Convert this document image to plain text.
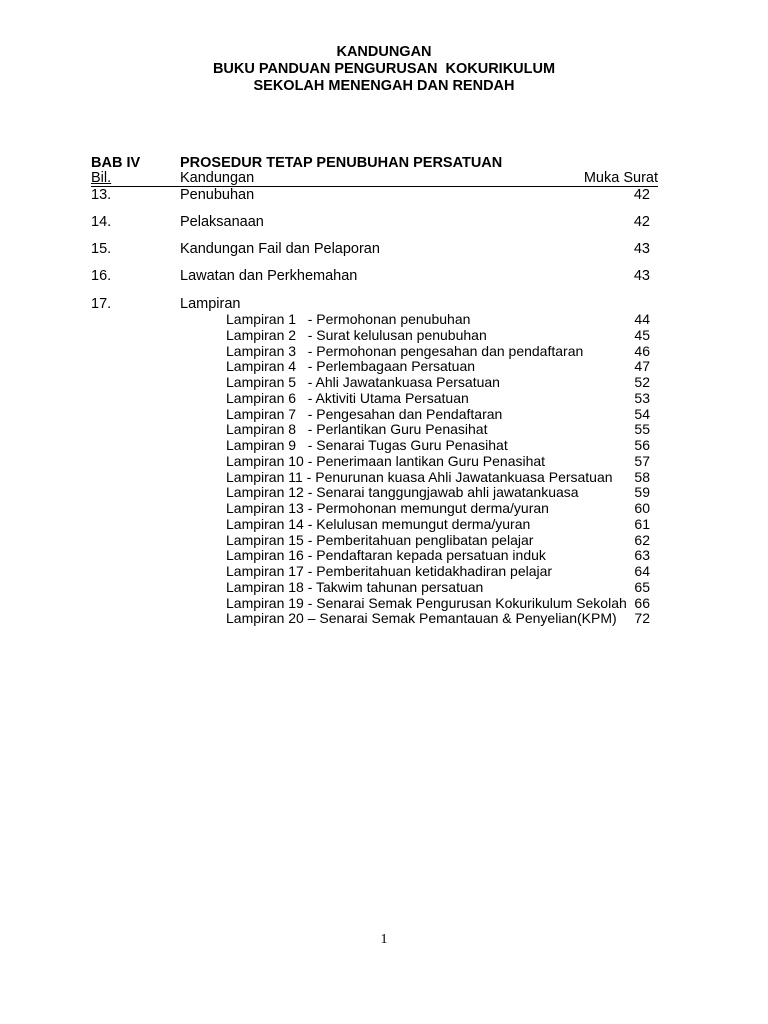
KANDUNGAN
BUKU PANDUAN PENGURUSAN  KOKURIKULUM
SEKOLAH MENENGAH DAN RENDAH
BAB IV	PROSEDUR TETAP PENUBUHAN PERSATUAN
Bil.	Kandungan	Muka Surat
13.	Penubuhan	42
14.	Pelaksanaan	42
15.	Kandungan Fail dan Pelaporan	43
16.	Lawatan dan Perkhemahan	43
17.	Lampiran
Lampiran 1   - Permohonan penubuhan	44
Lampiran 2   - Surat kelulusan penubuhan	45
Lampiran 3   - Permohonan pengesahan dan pendaftaran	46
Lampiran 4   - Perlembagaan Persatuan	47
Lampiran 5   - Ahli Jawatankuasa Persatuan	52
Lampiran 6   - Aktiviti Utama Persatuan	53
Lampiran 7   - Pengesahan dan Pendaftaran	54
Lampiran 8   - Perlantikan Guru Penasihat	55
Lampiran 9   - Senarai Tugas Guru Penasihat	56
Lampiran 10 - Penerimaan lantikan Guru Penasihat	57
Lampiran 11 - Penurunan kuasa Ahli Jawatankuasa Persatuan 58
Lampiran 12 - Senarai tanggungjawab ahli jawatankuasa	59
Lampiran 13 - Permohonan memungut derma/yuran	60
Lampiran 14 - Kelulusan memungut derma/yuran	61
Lampiran 15 - Pemberitahuan penglibatan pelajar	62
Lampiran 16 - Pendaftaran kepada persatuan induk	63
Lampiran 17 - Pemberitahuan ketidakhadiran pelajar	64
Lampiran 18 - Takwim tahunan persatuan	65
Lampiran 19 - Senarai Semak Pengurusan Kokurikulum Sekolah 66
Lampiran 20 – Senarai Semak Pemantauan & Penyelian(KPM) 72
1
